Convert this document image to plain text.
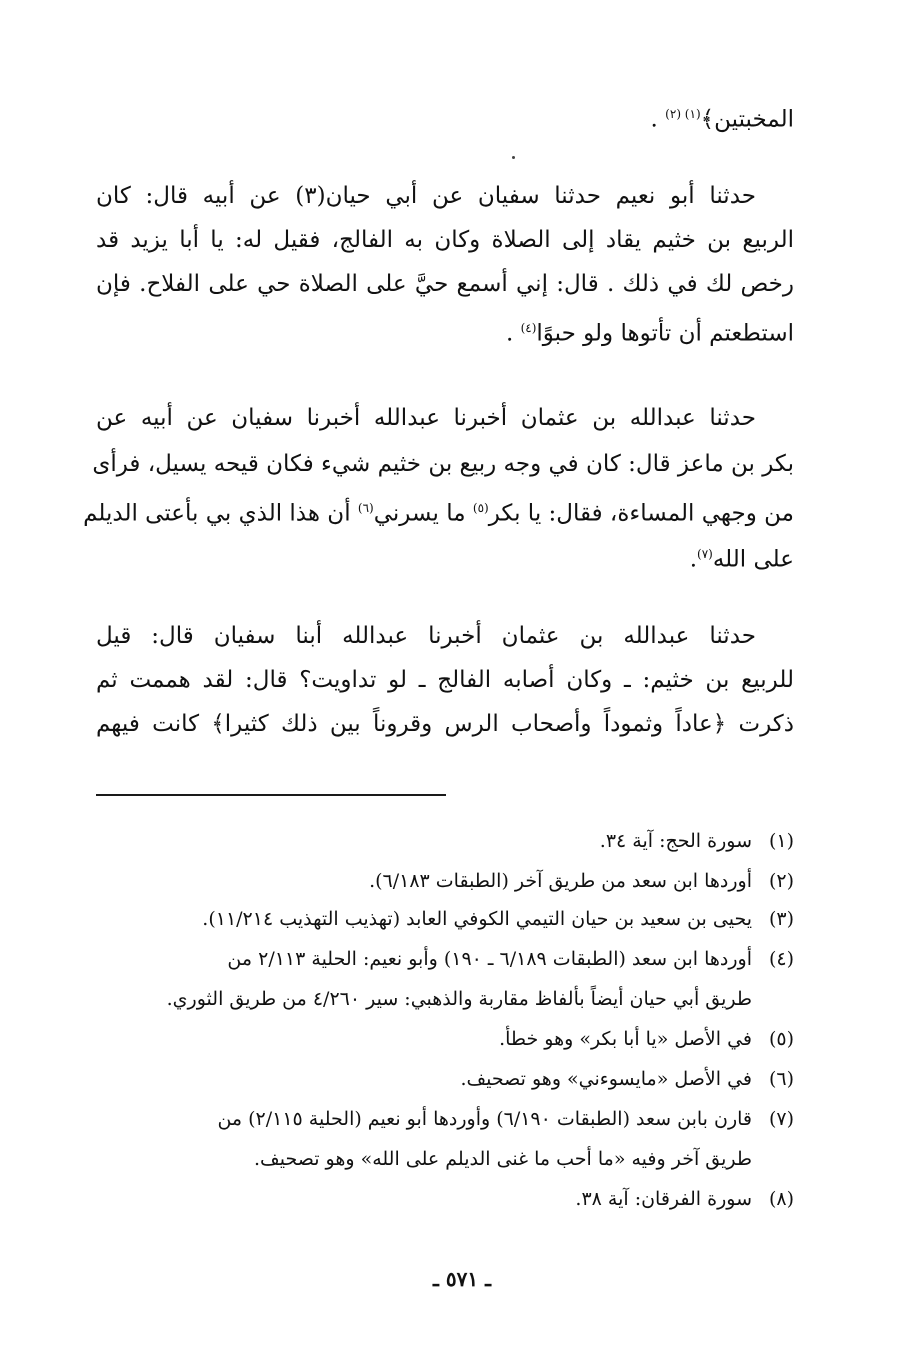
المخبتين﴾$^{(١) (٢)}$ .
حدثنا أبو نعيم حدثنا سفيان عن أبي حيان(٣) عن أبيه قال: كان
الربيع بن خثيم يقاد إلى الصلاة وكان به الفالج، فقيل له: يا أبا يزيد قد
رخص لك في ذلك . قال: إني أسمع حيَّ على الصلاة حي على الفلاح. فإن
استطعتم أن تأتوها ولو حبوًا$^{(٤)}$ .
حدثنا عبدالله بن عثمان أخبرنا عبدالله أخبرنا سفيان عن أبيه عن
بكر بن ماعز قال: كان في وجه ربيع بن خثيم شيء فكان قيحه يسيل، فرأى
من وجهي المساءة، فقال: يا بكر$^{(٥)}$ ما يسرني$^{(٦)}$ أن هذا الذي بي بأعتى الديلم
على الله$^{(٧)}$.
حدثنا عبدالله بن عثمان أخبرنا عبدالله أبنا سفيان قال: قيل
للربيع بن خثيم: ـ وكان أصابه الفالج ـ لو تداويت؟ قال: لقد هممت ثم
ذكرت ﴿عاداً وثموداً وأصحاب الرس وقروناً بين ذلك كثيرا﴾ كانت فيهم
(١)سورة الحج: آية ٣٤.
(٢)أوردها ابن سعد من طريق آخر (الطبقات ٦/١٨٣).
(٣)يحيى بن سعيد بن حيان التيمي الكوفي العابد (تهذيب التهذيب ١١/٢١٤).
(٤)أوردها ابن سعد (الطبقات ٦/١٨٩ ـ ١٩٠) وأبو نعيم: الحلية ٢/١١٣ من
طريق أبي حيان أيضاً بألفاظ مقاربة والذهبي: سير ٤/٢٦٠ من طريق الثوري.
(٥)في الأصل «يا أبا بكر» وهو خطأ.
(٦)في الأصل «مايسوءني» وهو تصحيف.
(٧)قارن بابن سعد (الطبقات ٦/١٩٠) وأوردها أبو نعيم (الحلية ٢/١١٥) من
طريق آخر وفيه «ما أحب ما غنى الديلم على الله» وهو تصحيف.
(٨)سورة الفرقان: آية ٣٨.
ـ ٥٧١ ـ
